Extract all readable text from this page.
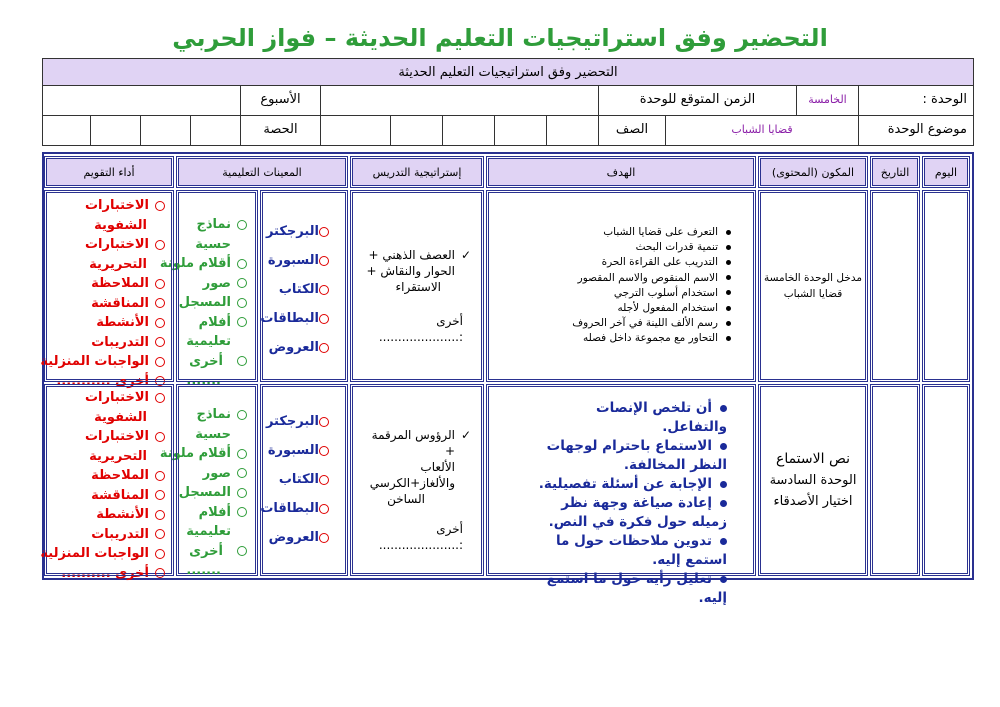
التحضير وفق استراتيجيات التعليم الحديثة – فواز الحربي
التحضير وفق استراتيجيات التعليم الحديثة
الوحدة :
الخامسة
الزمن المتوقع للوحدة
الأسبوع
موضوع الوحدة
قضايا الشباب
الصف
الحصة
اليوم
التاريخ
المكون (المحتوى)
الهدف
إستراتيجية التدريس
المعينات التعليمية
أداء التقويم
مدخل الوحدة الخامسة
قضايا الشباب
التعرف على قضايا الشباب
تنمية قدرات البحث
التدريب على القراءة الحرة
الاسم المنقوص والاسم المقصور
استخدام أسلوب الترجي
استخدام المفعول لأجله
رسم الألف اللينة في آخر الحروف
التحاور مع مجموعة داخل فصله
✓
العصف الذهني +
الحوار والنقاش +
الاستقراء
أخرى :.....................
البرجكتر
السبورة
الكتاب
البطاقات
العروض
نماذج
حسية
أقلام ملونة
صور
المسجل
أفلام
تعليمية
أخرى
.......
الاختبارات
الشفوية
الاختبارات
التحريرية
الملاحظة
المناقشة
الأنشطة
التدريبات
الواجبات المنزلية
أخرى ...........
نص الاستماع
الوحدة السادسة
اختيار الأصدقاء
أن تلخص الإنصات والتفاعل.
الاستماع باحترام لوجهات النظر المخالفة.
الإجابة عن أسئلة تفصيلية.
إعادة صياغة وجهة نظر زميله حول فكرة في النص.
تدوين ملاحظات حول ما استمع إليه.
تعليل رأيه حول ما استمع إليه.
✓
الرؤوس المرقمة +
الألعاب
والألغاز+الكرسي
الساخن
أخرى :.....................
البرجكتر
السبورة
الكتاب
البطاقات
العروض
نماذج
حسية
أقلام ملونة
صور
المسجل
أفلام
تعليمية
أخرى
.......
الاختبارات
الشفوية
الاختبارات
التحريرية
الملاحظة
المناقشة
الأنشطة
التدريبات
الواجبات المنزلية
أخرى ..........
